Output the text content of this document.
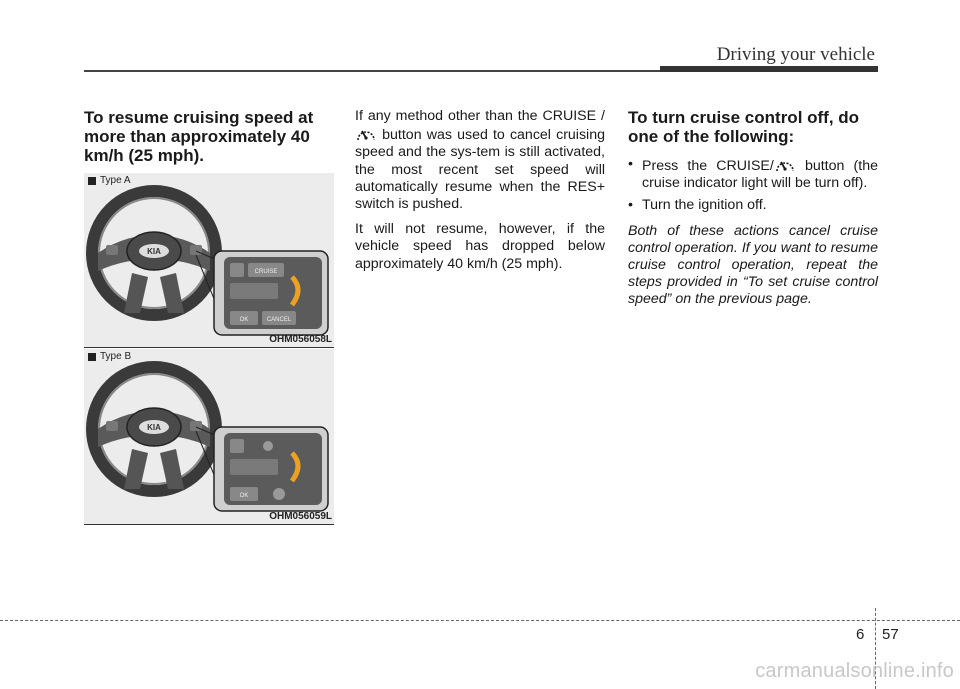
Driving your vehicle
To resume cruising speed at more than approximately 40 km/h (25 mph).
Type A
KIA
CRUISE
OK	CANCEL
OHM056058L
Type B
KIA
OK
OHM056059L

If any method other than the CRUISE /  button was used to cancel cruising speed and the sys-tem is still activated, the most recent set speed will automatically resume when the RES+ switch is pushed.

It will not resume, however, if the vehicle speed has dropped below approximately 40 km/h (25 mph).

To turn cruise control off, do one of the following:
• Press the CRUISE/ button (the cruise indicator light will be turn off).
• Turn the ignition off.

Both of these actions cancel cruise control operation. If you want to resume cruise control operation, repeat the steps provided in “To set cruise control speed” on the previous page.

6 57
carmanualsonline.info
